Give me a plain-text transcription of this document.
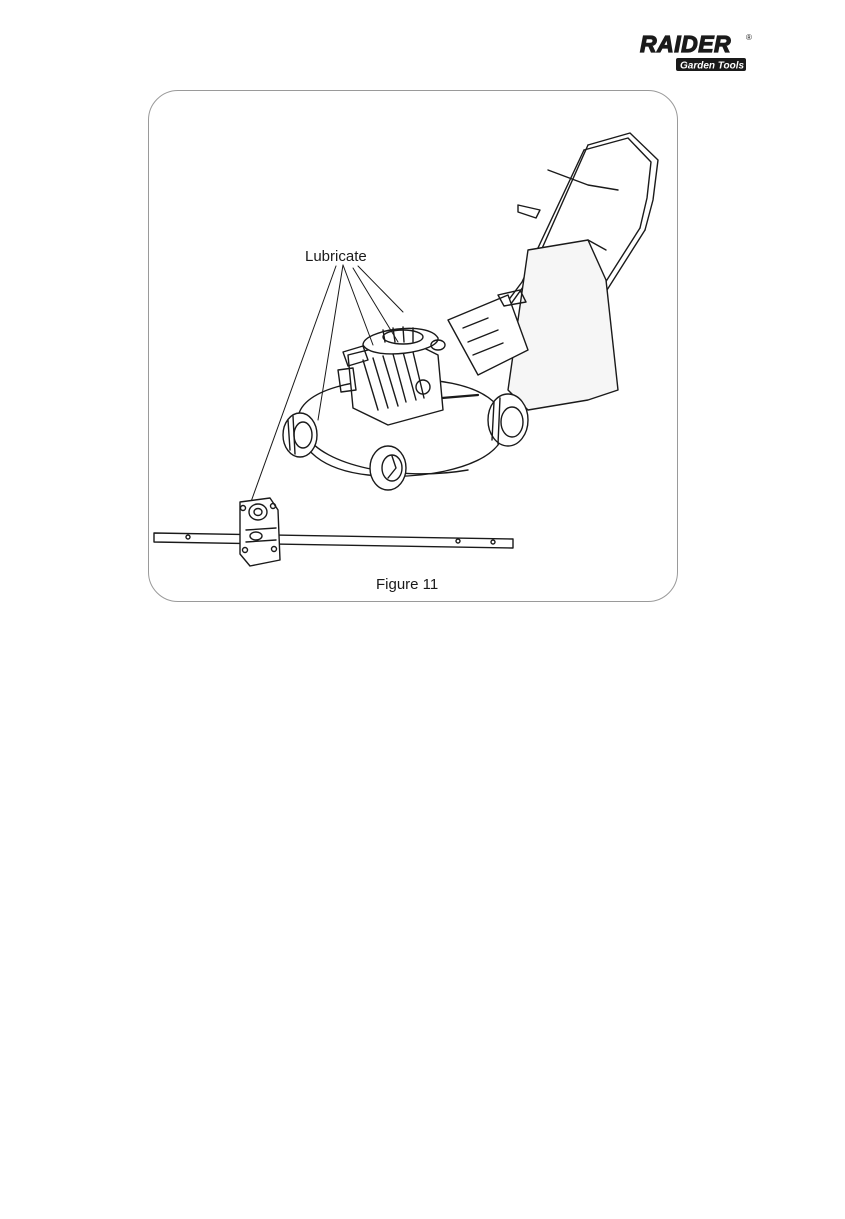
RAIDER ®
Garden Tools
Lubricate
Figure 11
